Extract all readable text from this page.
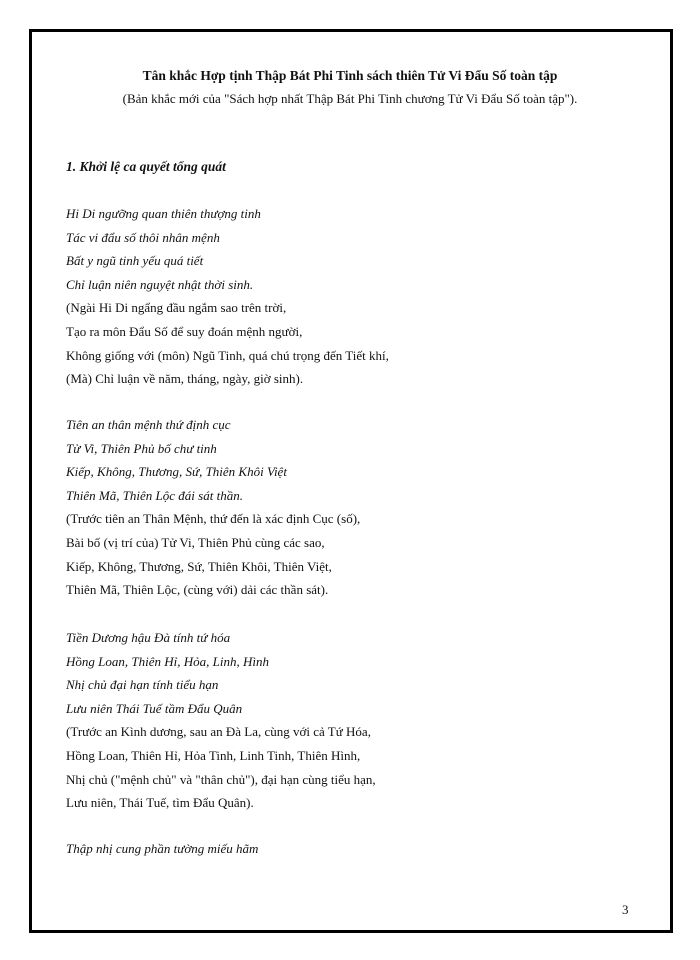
Tân khắc Hợp tịnh Thập Bát Phi Tinh sách thiên Tử Vi Đẩu Số toàn tập
(Bản khắc mới của "Sách hợp nhất Thập Bát Phi Tinh chương Tử Vi Đẩu Số toàn tập").
1. Khởi lệ ca quyết tổng quát
Hi Di ngưỡng quan thiên thượng tinh
Tác vi đẩu số thôi nhân mệnh
Bất y ngũ tinh yếu quá tiết
Chỉ luận niên nguyệt nhật thời sinh.
(Ngài Hi Di ngẩng đầu ngắm sao trên trời,
Tạo ra môn Đẩu Số để suy đoán mệnh người,
Không giống với (môn) Ngũ Tinh, quá chú trọng đến Tiết khí,
(Mà) Chỉ luận về năm, tháng, ngày, giờ sinh).
Tiên an thân mệnh thứ định cục
Tử Vi, Thiên Phủ bố chư tinh
Kiếp, Không, Thương, Sứ, Thiên Khôi Việt
Thiên Mã, Thiên Lộc đái sát thần.
(Trước tiên an Thân Mệnh, thứ đến là xác định Cục (số),
Bài bố (vị trí của) Tử Vi, Thiên Phủ cùng các sao,
Kiếp, Không, Thương, Sứ, Thiên Khôi, Thiên Việt,
Thiên Mã, Thiên Lộc, (cùng với) dải các thần sát).
Tiền Dương hậu Đà tính tứ hóa
Hồng Loan, Thiên Hỉ, Hỏa, Linh, Hình
Nhị chủ đại hạn tính tiểu hạn
Lưu niên Thái Tuế tầm Đẩu Quân
(Trước an Kình dương, sau an Đà La, cùng với cả Tứ Hóa,
Hồng Loan, Thiên Hỉ, Hỏa Tinh, Linh Tinh, Thiên Hình,
Nhị chủ ("mệnh chủ" và "thân chủ"), đại hạn cùng tiểu hạn,
Lưu niên, Thái Tuế, tìm Đẩu Quân).
Thập nhị cung phần tường miếu hãm
3
